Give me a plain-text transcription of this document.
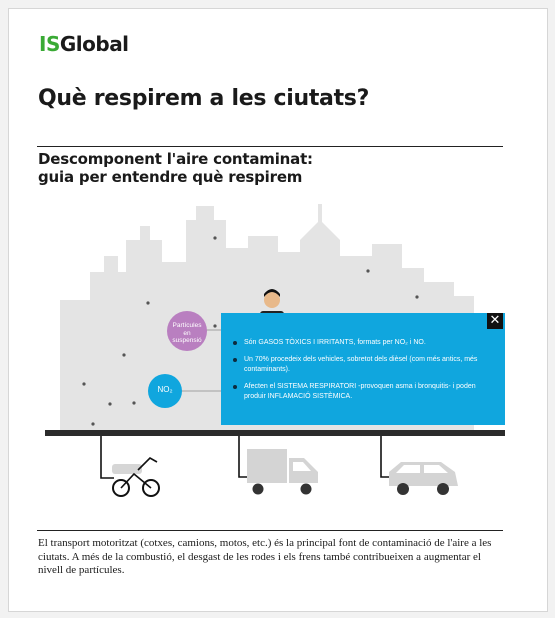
ISGlobal
Què respirem a les ciutats?
Descomponent l'aire contaminat:
guia per entendre què respirem
Partícules
en
suspensió
NO₂
✕
Són GASOS TÒXICS I IRRITANTS, formats per NO₂ i NO.
Un 70% procedeix dels vehicles, sobretot dels dièsel (com més antics, més contaminants).
Afecten el SISTEMA RESPIRATORI -provoquen asma i bronquitis- i poden produir INFLAMACIÓ SISTÈMICA.
El transport motoritzat (cotxes, camions, motos, etc.) és la principal font de contaminació de l'aire a les ciutats. A més de la combustió, el desgast de les rodes i els frens també contribueixen a augmentar el nivell de partícules.
